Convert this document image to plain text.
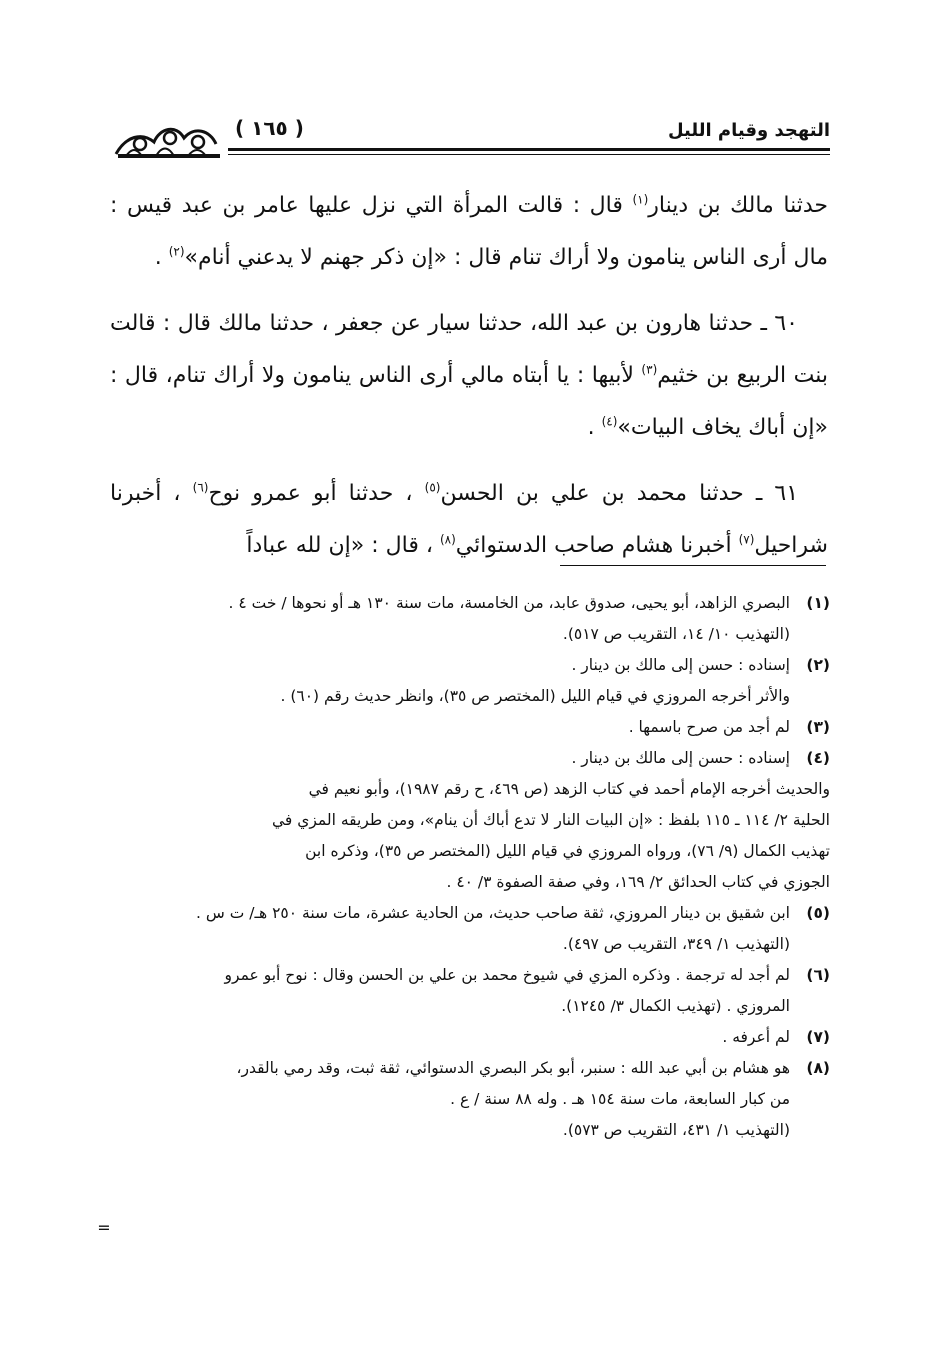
التهجد وقيام الليل
( ١٦٥ )

حدثنا مالك بن دينار$^{(١)}$ قال : قالت المرأة التي نزل عليها عامر بن عبد قيس : مال أرى الناس ينامون ولا أراك تنام قال : «إن ذكر جهنم لا يدعني أنام»$^{(٢)}$ .

٦٠ ـ حدثنا هارون بن عبد الله، حدثنا سيار عن جعفر ، حدثنا مالك قال : قالت بنت الربيع بن خثيم$^{(٣)}$ لأبيها : يا أبتاه مالي أرى الناس ينامون ولا أراك تنام، قال : «إن أباك يخاف البيات»$^{(٤)}$ .

٦١ ـ حدثنا محمد بن علي بن الحسن$^{(٥)}$ ، حدثنا أبو عمرو نوح$^{(٦)}$ ، أخبرنا شراحيل$^{(٧)}$ أخبرنا هشام صاحب الدستوائي$^{(٨)}$ ، قال : «إن لله عباداً

(١)البصري الزاهد، أبو يحيى، صدوق عابد، من الخامسة، مات سنة ١٣٠ هـ أو نحوها / خت ٤ .
(التهذيب ١٠/ ١٤، التقريب ص ٥١٧).
(٢)إسناده : حسن إلى مالك بن دينار .
والأثر أخرجه المروزي في قيام الليل (المختصر ص ٣٥)، وانظر حديث رقم (٦٠) .
(٣)لم أجد من صرح باسمها .
(٤)إسناده : حسن إلى مالك بن دينار .
والحديث أخرجه الإمام أحمد في كتاب الزهد (ص ٤٦٩، ح رقم ١٩٨٧)، وأبو نعيم في
الحلية ٢/ ١١٤ ـ ١١٥ بلفظ : «إن البيات النار لا تدع أباك أن ينام»، ومن طريقه المزي في
تهذيب الكمال (٩/ ٧٦)، ورواه المروزي في قيام الليل (المختصر ص ٣٥)، وذكره ابن
الجوزي في كتاب الحدائق ٢/ ١٦٩، وفي صفة الصفوة ٣/ ٤٠ .
(٥)ابن شقيق بن دينار المروزي، ثقة صاحب حديث، من الحادية عشرة، مات سنة ٢٥٠ هـ/ ت س .
(التهذيب ١/ ٣٤٩، التقريب ص ٤٩٧).
(٦)لم أجد له ترجمة . وذكره المزي في شيوخ محمد بن علي بن الحسن وقال : نوح أبو عمرو
المروزي . (تهذيب الكمال ٣/ ١٢٤٥).
(٧)لم أعرفه .
(٨)هو هشام بن أبي عبد الله : سنبر، أبو بكر البصري الدستوائي، ثقة ثبت، وقد رمي بالقدر،
من كبار السابعة، مات سنة ١٥٤ هـ . وله ٨٨ سنة / ع .
(التهذيب ١/ ٤٣١، التقريب ص ٥٧٣).
=
